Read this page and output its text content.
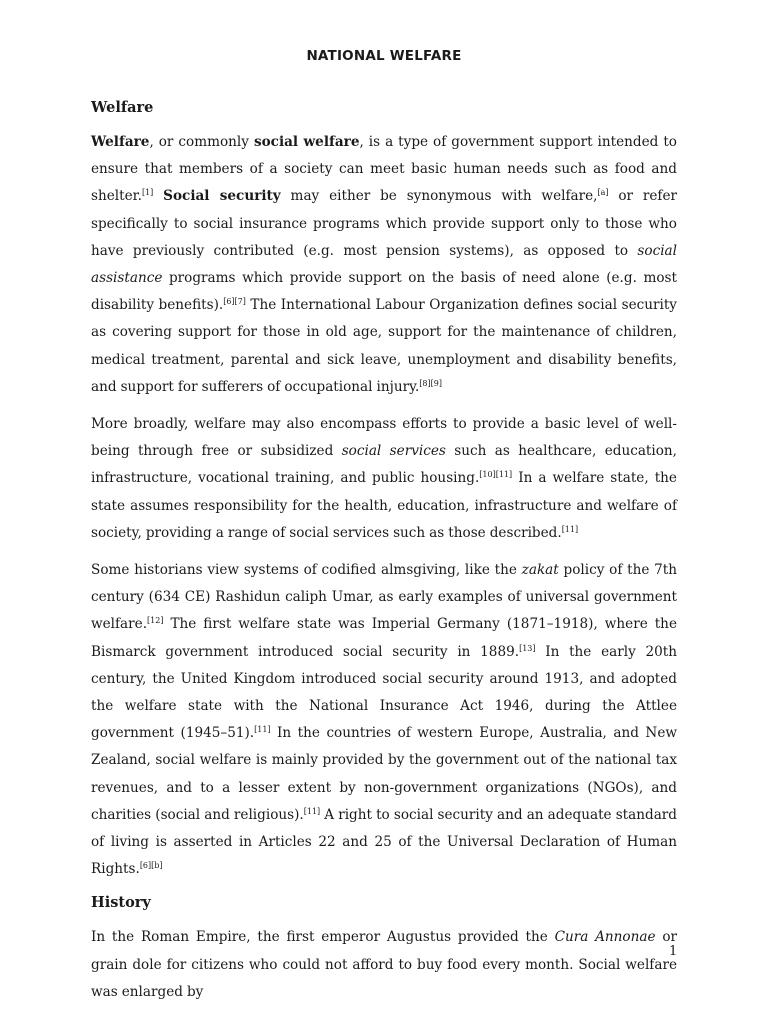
NATIONAL WELFARE
Welfare

Welfare, or commonly social welfare, is a type of government support intended to ensure that members of a society can meet basic human needs such as food and shelter.[1] Social security may either be synonymous with welfare,[a] or refer specifically to social insurance programs which provide support only to those who have previously contributed (e.g. most pension systems), as opposed to social assistance programs which provide support on the basis of need alone (e.g. most disability benefits).[6][7] The International Labour Organization defines social security as covering support for those in old age, support for the maintenance of children, medical treatment, parental and sick leave, unemployment and disability benefits, and support for sufferers of occupational injury.[8][9]

More broadly, welfare may also encompass efforts to provide a basic level of well-being through free or subsidized social services such as healthcare, education, infrastructure, vocational training, and public housing.[10][11] In a welfare state, the state assumes responsibility for the health, education, infrastructure and welfare of society, providing a range of social services such as those described.[11]

Some historians view systems of codified almsgiving, like the zakat policy of the 7th century (634 CE) Rashidun caliph Umar, as early examples of universal government welfare.[12] The first welfare state was Imperial Germany (1871–1918), where the Bismarck government introduced social security in 1889.[13] In the early 20th century, the United Kingdom introduced social security around 1913, and adopted the welfare state with the National Insurance Act 1946, during the Attlee government (1945–51).[11] In the countries of western Europe, Australia, and New Zealand, social welfare is mainly provided by the government out of the national tax revenues, and to a lesser extent by non-government organizations (NGOs), and charities (social and religious).[11] A right to social security and an adequate standard of living is asserted in Articles 22 and 25 of the Universal Declaration of Human Rights.[6][b]

History

In the Roman Empire, the first emperor Augustus provided the Cura Annonae or grain dole for citizens who could not afford to buy food every month. Social welfare was enlarged by

1
